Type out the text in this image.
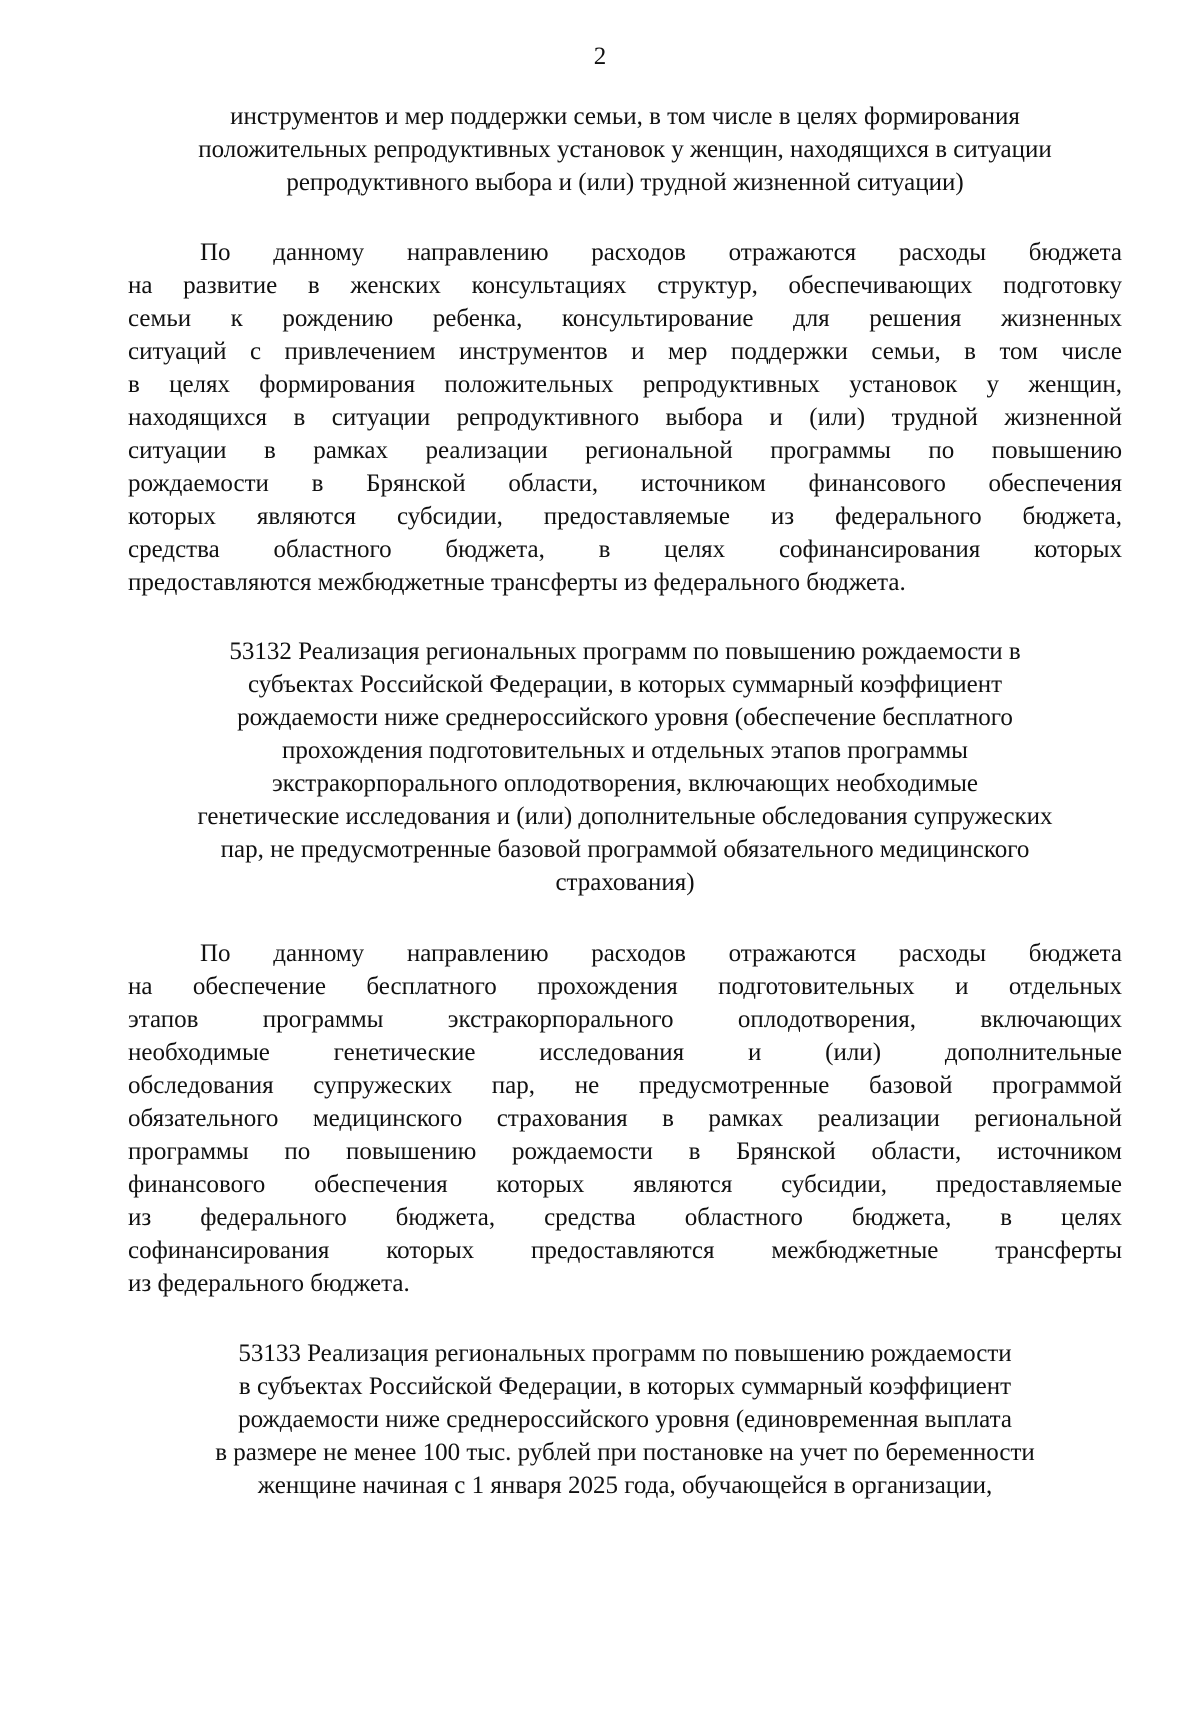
2
инструментов и мер поддержки семьи, в том числе в целях формирования
положительных репродуктивных установок у женщин, находящихся в ситуации
репродуктивного выбора и (или) трудной жизненной ситуации)
По данному направлению расходов отражаются расходы бюджета
на развитие в женских консультациях структур, обеспечивающих подготовку
семьи к рождению ребенка, консультирование для решения жизненных
ситуаций с привлечением инструментов и мер поддержки семьи, в том числе
в целях формирования положительных репродуктивных установок у женщин,
находящихся в ситуации репродуктивного выбора и (или) трудной жизненной
ситуации в рамках реализации региональной программы по повышению
рождаемости в Брянской области, источником финансового обеспечения
которых являются субсидии, предоставляемые из федерального бюджета,
средства областного бюджета, в целях софинансирования которых
предоставляются межбюджетные трансферты из федерального бюджета.
53132 Реализация региональных программ по повышению рождаемости в
субъектах Российской Федерации, в которых суммарный коэффициент
рождаемости ниже среднероссийского уровня (обеспечение бесплатного
прохождения подготовительных и отдельных этапов программы
экстракорпорального оплодотворения, включающих необходимые
генетические исследования и (или) дополнительные обследования супружеских
пар, не предусмотренные базовой программой обязательного медицинского
страхования)
По данному направлению расходов отражаются расходы бюджета
на обеспечение бесплатного прохождения подготовительных и отдельных
этапов программы экстракорпорального оплодотворения, включающих
необходимые генетические исследования и (или) дополнительные
обследования супружеских пар, не предусмотренные базовой программой
обязательного медицинского страхования в рамках реализации региональной
программы по повышению рождаемости в Брянской области, источником
финансового обеспечения которых являются субсидии, предоставляемые
из федерального бюджета, средства областного бюджета, в целях
софинансирования которых предоставляются межбюджетные трансферты
из федерального бюджета.
53133 Реализация региональных программ по повышению рождаемости
в субъектах Российской Федерации, в которых суммарный коэффициент
рождаемости ниже среднероссийского уровня (единовременная выплата
в размере не менее 100 тыс. рублей при постановке на учет по беременности
женщине начиная с 1 января 2025 года, обучающейся в организации,
